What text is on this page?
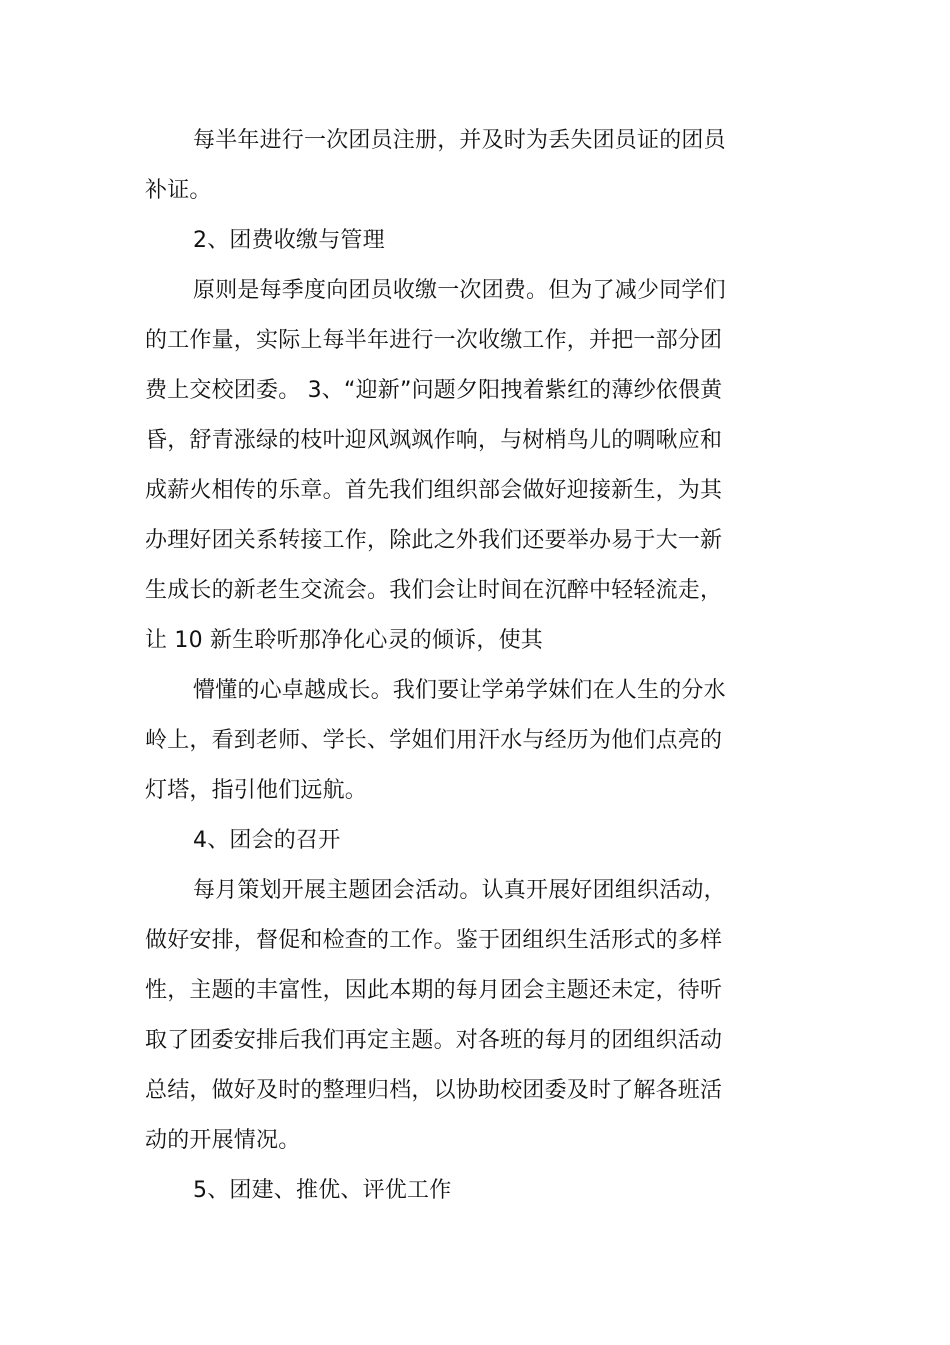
每半年进行一次团员注册，并及时为丢失团员证的团员
补证。
2、团费收缴与管理
原则是每季度向团员收缴一次团费。但为了减少同学们
的工作量，实际上每半年进行一次收缴工作，并把一部分团
费上交校团委。 3、“迎新”问题夕阳拽着紫红的薄纱依偎黄
昏，舒青涨绿的枝叶迎风飒飒作响，与树梢鸟儿的啁啾应和
成薪火相传的乐章。首先我们组织部会做好迎接新生，为其
办理好团关系转接工作，除此之外我们还要举办易于大一新
生成长的新老生交流会。我们会让时间在沉醉中轻轻流走，
让 10 新生聆听那净化心灵的倾诉，使其
懵懂的心卓越成长。我们要让学弟学妹们在人生的分水
岭上，看到老师、学长、学姐们用汗水与经历为他们点亮的
灯塔，指引他们远航。
4、团会的召开
每月策划开展主题团会活动。认真开展好团组织活动，
做好安排，督促和检查的工作。鉴于团组织生活形式的多样
性，主题的丰富性，因此本期的每月团会主题还未定，待听
取了团委安排后我们再定主题。对各班的每月的团组织活动
总结，做好及时的整理归档，以协助校团委及时了解各班活
动的开展情况。
5、团建、推优、评优工作
